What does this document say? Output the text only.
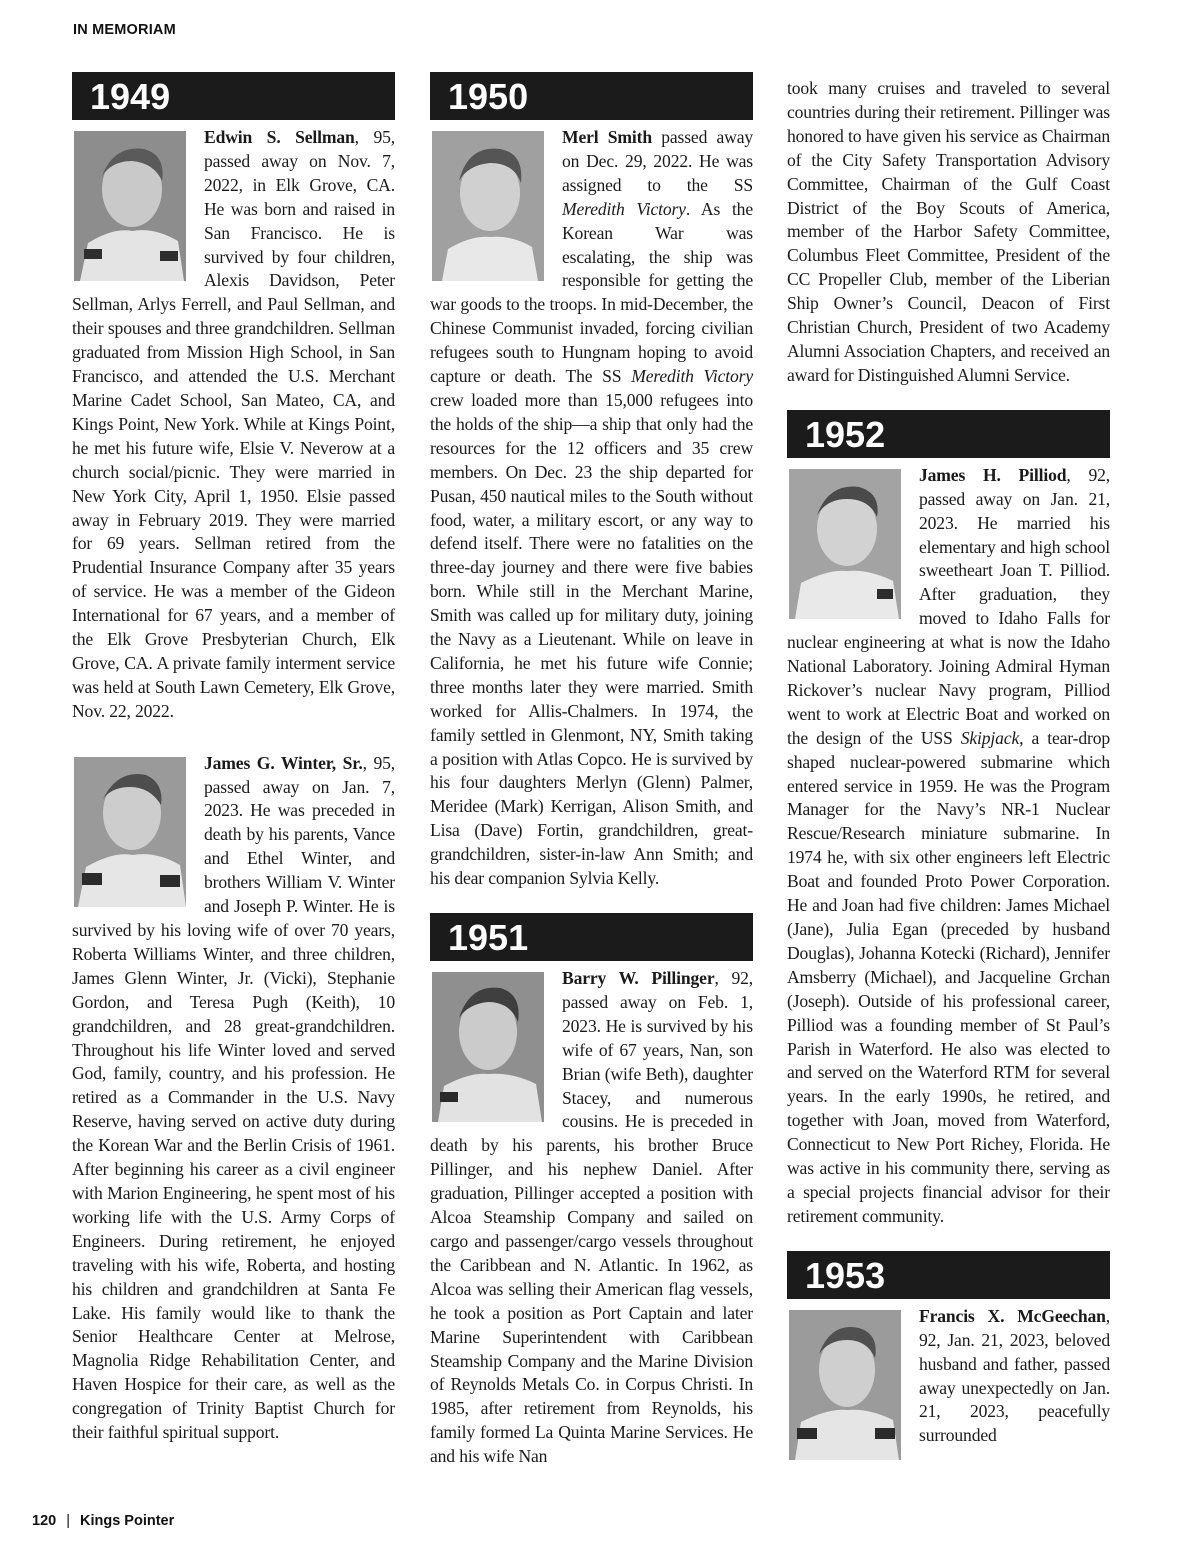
IN MEMORIAM
1949

Edwin S. Sellman, 95, passed away on Nov. 7, 2022, in Elk Grove, CA. He was born and raised in San Francisco. He is survived by four children, Alexis Davidson, Peter Sellman, Arlys Ferrell, and Paul Sellman, and their spouses and three grandchildren. Sellman graduated from Mission High School, in San Francisco, and attended the U.S. Merchant Marine Cadet School, San Mateo, CA, and Kings Point, New York. While at Kings Point, he met his future wife, Elsie V. Neverow at a church social/picnic. They were married in New York City, April 1, 1950. Elsie passed away in February 2019. They were married for 69 years. Sellman retired from the Prudential Insurance Company after 35 years of service. He was a member of the Gideon International for 67 years, and a member of the Elk Grove Presbyterian Church, Elk Grove, CA. A private family interment service was held at South Lawn Cemetery, Elk Grove, Nov. 22, 2022.

James G. Winter, Sr., 95, passed away on Jan. 7, 2023. He was preceded in death by his parents, Vance and Ethel Winter, and brothers William V. Winter and Joseph P. Winter. He is survived by his loving wife of over 70 years, Roberta Williams Winter, and three children, James Glenn Winter, Jr. (Vicki), Stephanie Gordon, and Teresa Pugh (Keith), 10 grandchildren, and 28 great-grandchildren. Throughout his life Winter loved and served God, family, country, and his profession. He retired as a Commander in the U.S. Navy Reserve, having served on active duty during the Korean War and the Berlin Crisis of 1961. After beginning his career as a civil engineer with Marion Engineering, he spent most of his working life with the U.S. Army Corps of Engineers. During retirement, he enjoyed traveling with his wife, Roberta, and hosting his children and grandchildren at Santa Fe Lake. His family would like to thank the Senior Healthcare Center at Melrose, Magnolia Ridge Rehabilitation Center, and Haven Hospice for their care, as well as the congregation of Trinity Baptist Church for their faithful spiritual support.

1950

Merl Smith passed away on Dec. 29, 2022. He was assigned to the SS Meredith Victory. As the Korean War was escalating, the ship was responsible for getting the war goods to the troops. In mid-December, the Chinese Communist invaded, forcing civilian refugees south to Hungnam hoping to avoid capture or death. The SS Meredith Victory crew loaded more than 15,000 refugees into the holds of the ship—a ship that only had the resources for the 12 officers and 35 crew members. On Dec. 23 the ship departed for Pusan, 450 nautical miles to the South without food, water, a military escort, or any way to defend itself. There were no fatalities on the three-day journey and there were five babies born. While still in the Merchant Marine, Smith was called up for military duty, joining the Navy as a Lieutenant. While on leave in California, he met his future wife Connie; three months later they were married. Smith worked for Allis-Chalmers. In 1974, the family settled in Glenmont, NY, Smith taking a position with Atlas Copco. He is survived by his four daughters Merlyn (Glenn) Palmer, Meridee (Mark) Kerrigan, Alison Smith, and Lisa (Dave) Fortin, grandchildren, great-grandchildren, sister-in-law Ann Smith; and his dear companion Sylvia Kelly.

1951

Barry W. Pillinger, 92, passed away on Feb. 1, 2023. He is survived by his wife of 67 years, Nan, son Brian (wife Beth), daughter Stacey, and numerous cousins. He is preceded in death by his parents, his brother Bruce Pillinger, and his nephew Daniel. After graduation, Pillinger accepted a position with Alcoa Steamship Company and sailed on cargo and passenger/cargo vessels throughout the Caribbean and N. Atlantic. In 1962, as Alcoa was selling their American flag vessels, he took a position as Port Captain and later Marine Superintendent with Caribbean Steamship Company and the Marine Division of Reynolds Metals Co. in Corpus Christi. In 1985, after retirement from Reynolds, his family formed La Quinta Marine Services. He and his wife Nan

took many cruises and traveled to several countries during their retirement. Pillinger was honored to have given his service as Chairman of the City Safety Transportation Advisory Committee, Chairman of the Gulf Coast District of the Boy Scouts of America, member of the Harbor Safety Committee, Columbus Fleet Committee, President of the CC Propeller Club, member of the Liberian Ship Owner’s Council, Deacon of First Christian Church, President of two Academy Alumni Association Chapters, and received an award for Distinguished Alumni Service.

1952

James H. Pilliod, 92, passed away on Jan. 21, 2023. He married his elementary and high school sweetheart Joan T. Pilliod. After graduation, they moved to Idaho Falls for nuclear engineering at what is now the Idaho National Laboratory. Joining Admiral Hyman Rickover’s nuclear Navy program, Pilliod went to work at Electric Boat and worked on the design of the USS Skipjack, a tear-drop shaped nuclear-powered submarine which entered service in 1959. He was the Program Manager for the Navy’s NR-1 Nuclear Rescue/Research miniature submarine. In 1974 he, with six other engineers left Electric Boat and founded Proto Power Corporation. He and Joan had five children: James Michael (Jane), Julia Egan (preceded by husband Douglas), Johanna Kotecki (Richard), Jennifer Amsberry (Michael), and Jacqueline Grchan (Joseph). Outside of his professional career, Pilliod was a founding member of St Paul’s Parish in Waterford. He also was elected to and served on the Waterford RTM for several years. In the early 1990s, he retired, and together with Joan, moved from Waterford, Connecticut to New Port Richey, Florida. He was active in his community there, serving as a special projects financial advisor for their retirement community.

1953

Francis X. McGeechan, 92, Jan. 21, 2023, beloved husband and father, passed away unexpectedly on Jan. 21, 2023, peacefully surrounded

120 | Kings Pointer
